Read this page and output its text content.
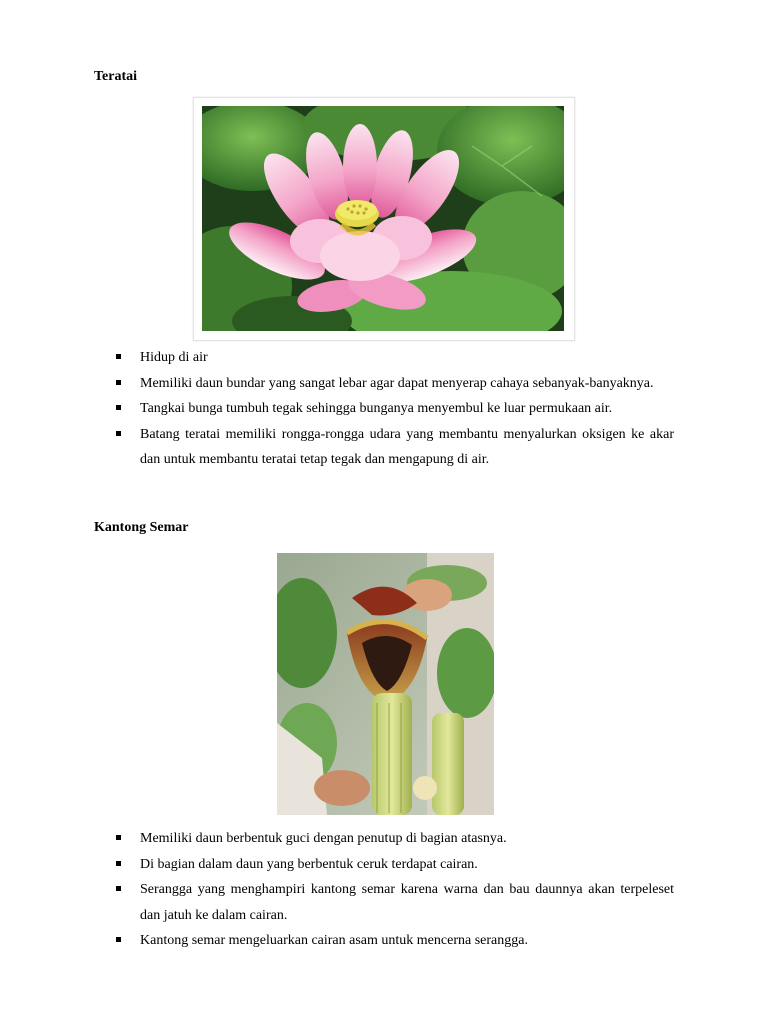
Teratai
Hidup di air
Memiliki daun bundar yang sangat lebar agar dapat menyerap cahaya sebanyak-banyaknya.
Tangkai bunga tumbuh tegak sehingga bunganya menyembul ke luar permukaan air.
Batang teratai memiliki rongga-rongga udara yang membantu menyalurkan oksigen ke akar dan untuk membantu teratai tetap tegak dan mengapung di air.
Kantong Semar
Memiliki daun berbentuk guci dengan penutup di bagian atasnya.
Di bagian dalam daun yang berbentuk ceruk terdapat cairan.
Serangga yang menghampiri kantong semar karena warna dan bau daunnya akan terpeleset dan jatuh ke dalam cairan.
Kantong semar mengeluarkan cairan asam untuk mencerna serangga.
